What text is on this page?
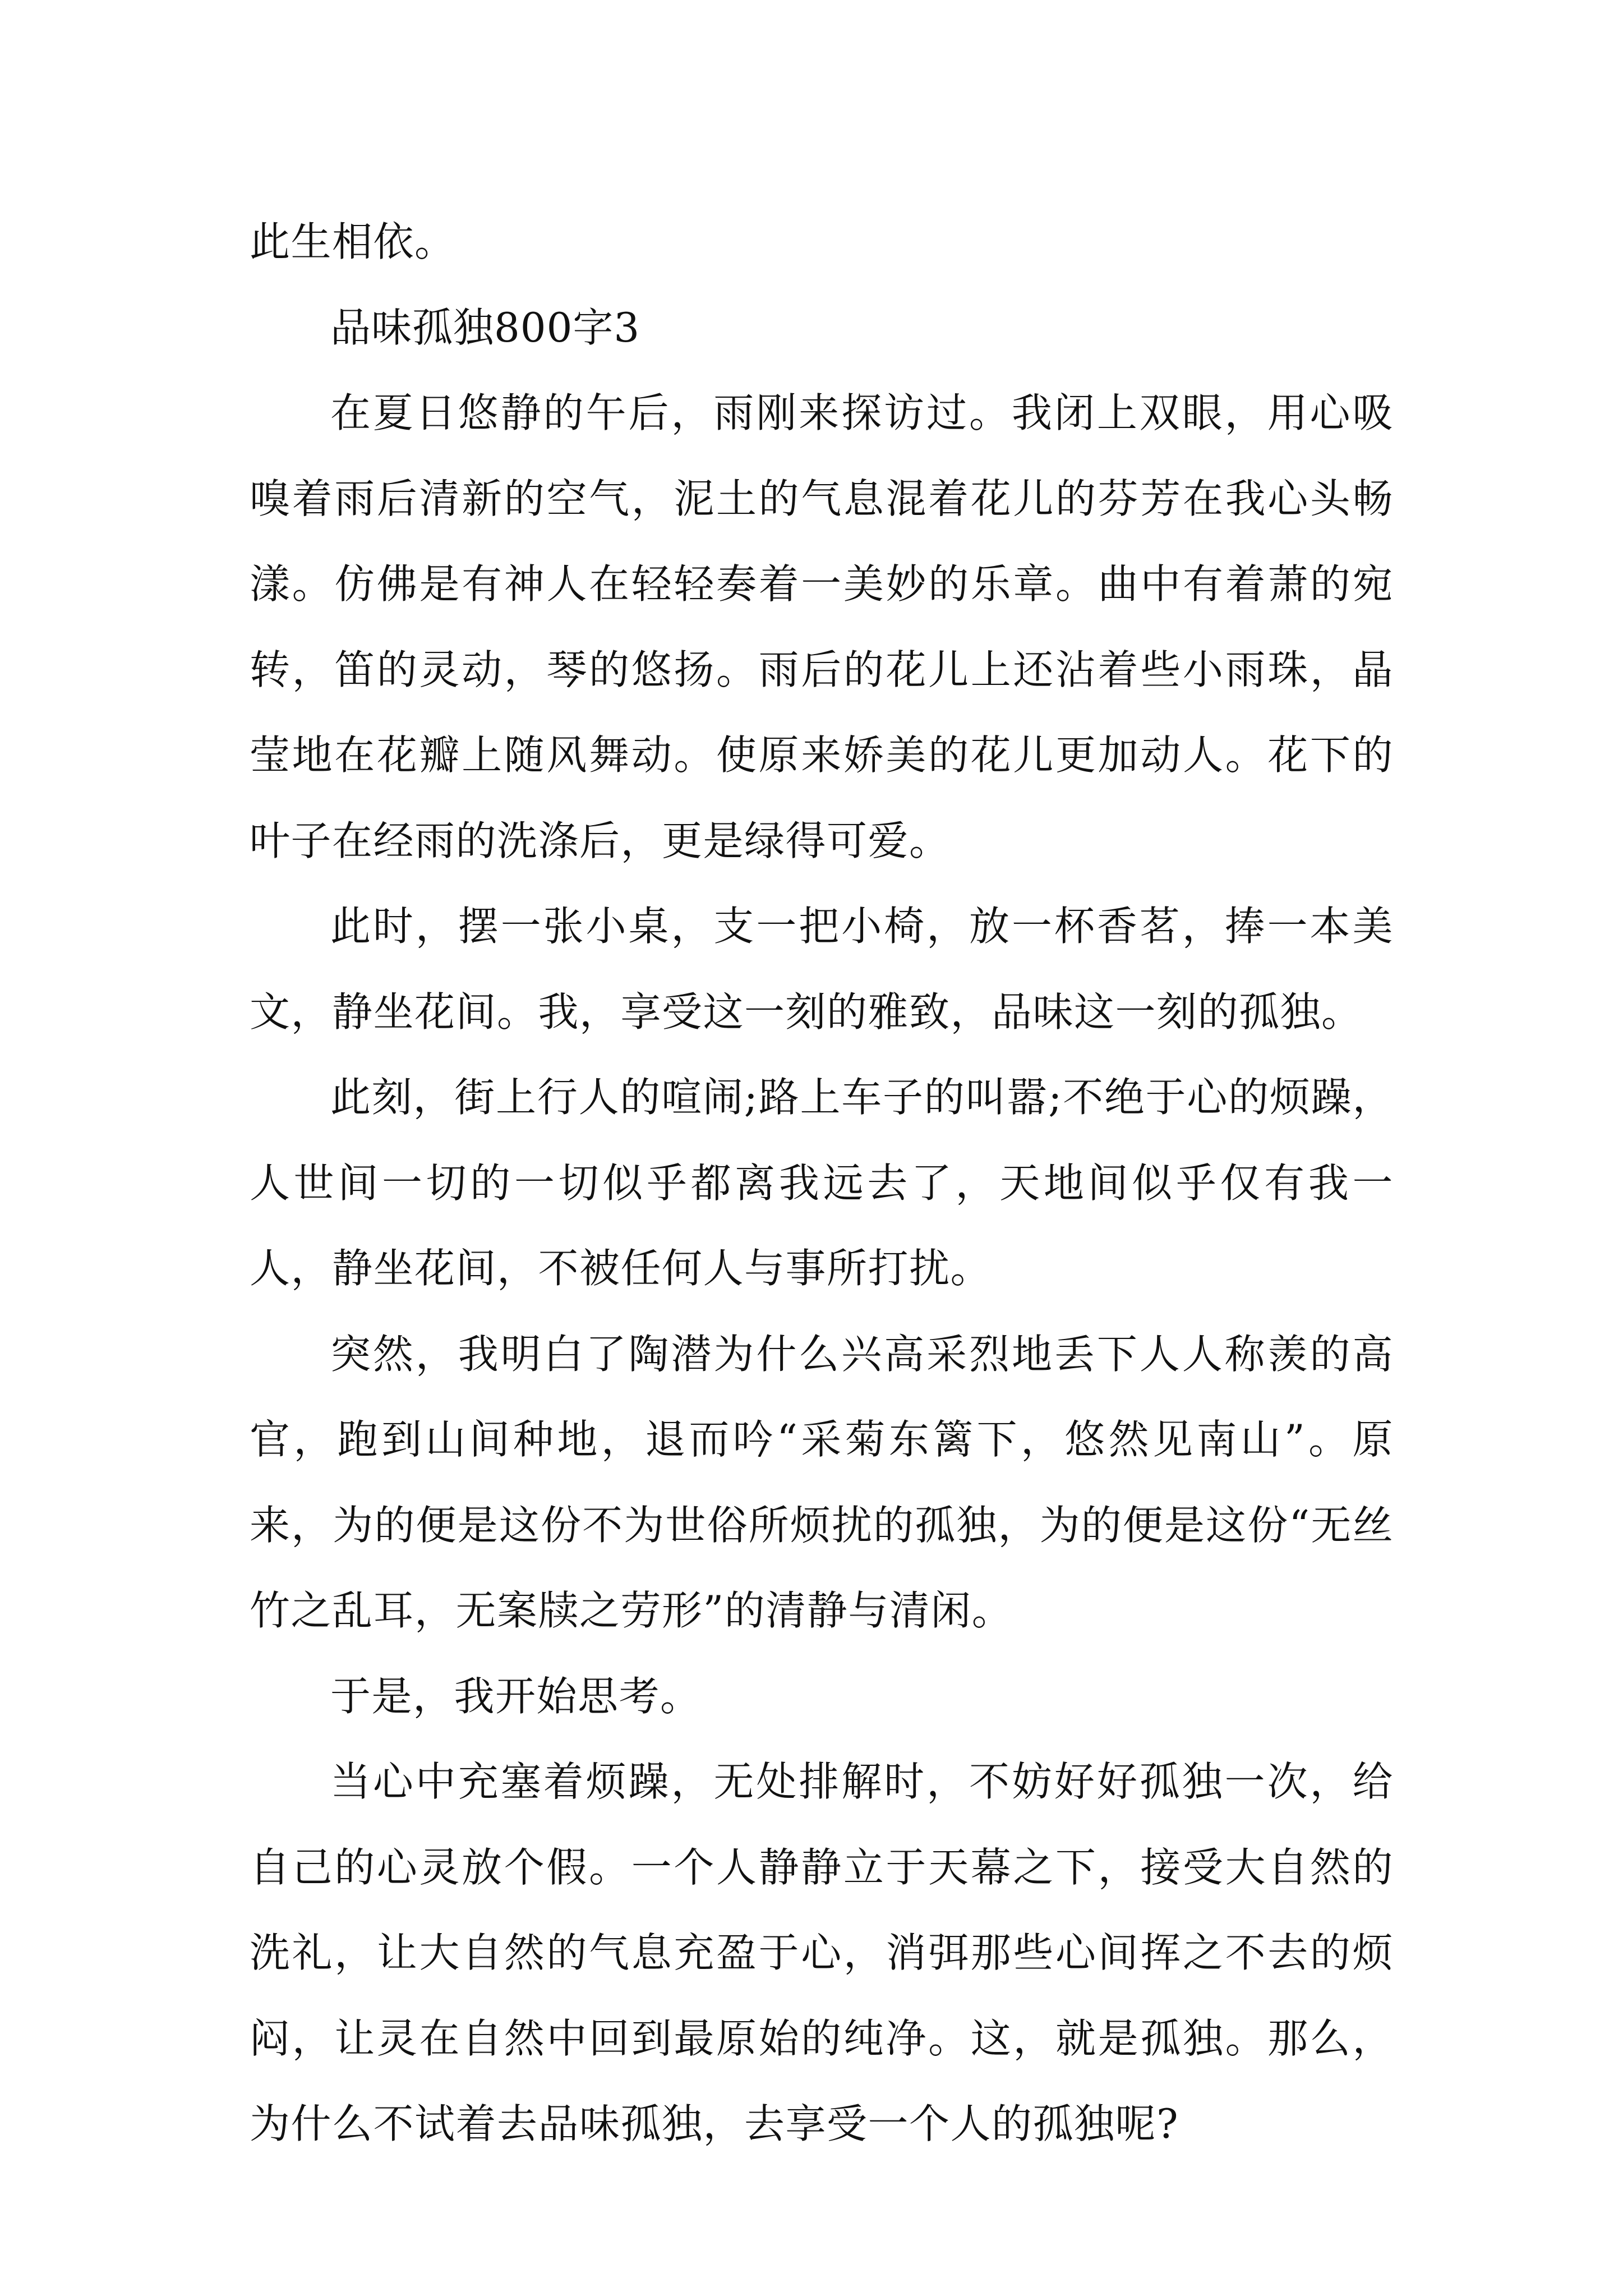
此生相依。

品味孤独800字3

在夏日悠静的午后，雨刚来探访过。我闭上双眼，用心吸嗅着雨后清新的空气，泥土的气息混着花儿的芬芳在我心头畅漾。仿佛是有神人在轻轻奏着一美妙的乐章。曲中有着萧的宛转，笛的灵动，琴的悠扬。雨后的花儿上还沾着些小雨珠，晶莹地在花瓣上随风舞动。使原来娇美的花儿更加动人。花下的叶子在经雨的洗涤后，更是绿得可爱。

此时，摆一张小桌，支一把小椅，放一杯香茗，捧一本美文，静坐花间。我，享受这一刻的雅致，品味这一刻的孤独。

此刻，街上行人的喧闹;路上车子的叫嚣;不绝于心的烦躁，人世间一切的一切似乎都离我远去了，天地间似乎仅有我一人，静坐花间，不被任何人与事所打扰。

突然，我明白了陶潜为什么兴高采烈地丢下人人称羡的高官，跑到山间种地，退而吟“采菊东篱下，悠然见南山”。原来，为的便是这份不为世俗所烦扰的孤独，为的便是这份“无丝竹之乱耳，无案牍之劳形”的清静与清闲。

于是，我开始思考。

当心中充塞着烦躁，无处排解时，不妨好好孤独一次，给自己的心灵放个假。一个人静静立于天幕之下，接受大自然的洗礼，让大自然的气息充盈于心，消弭那些心间挥之不去的烦闷，让灵在自然中回到最原始的纯净。这，就是孤独。那么，为什么不试着去品味孤独，去享受一个人的孤独呢?
